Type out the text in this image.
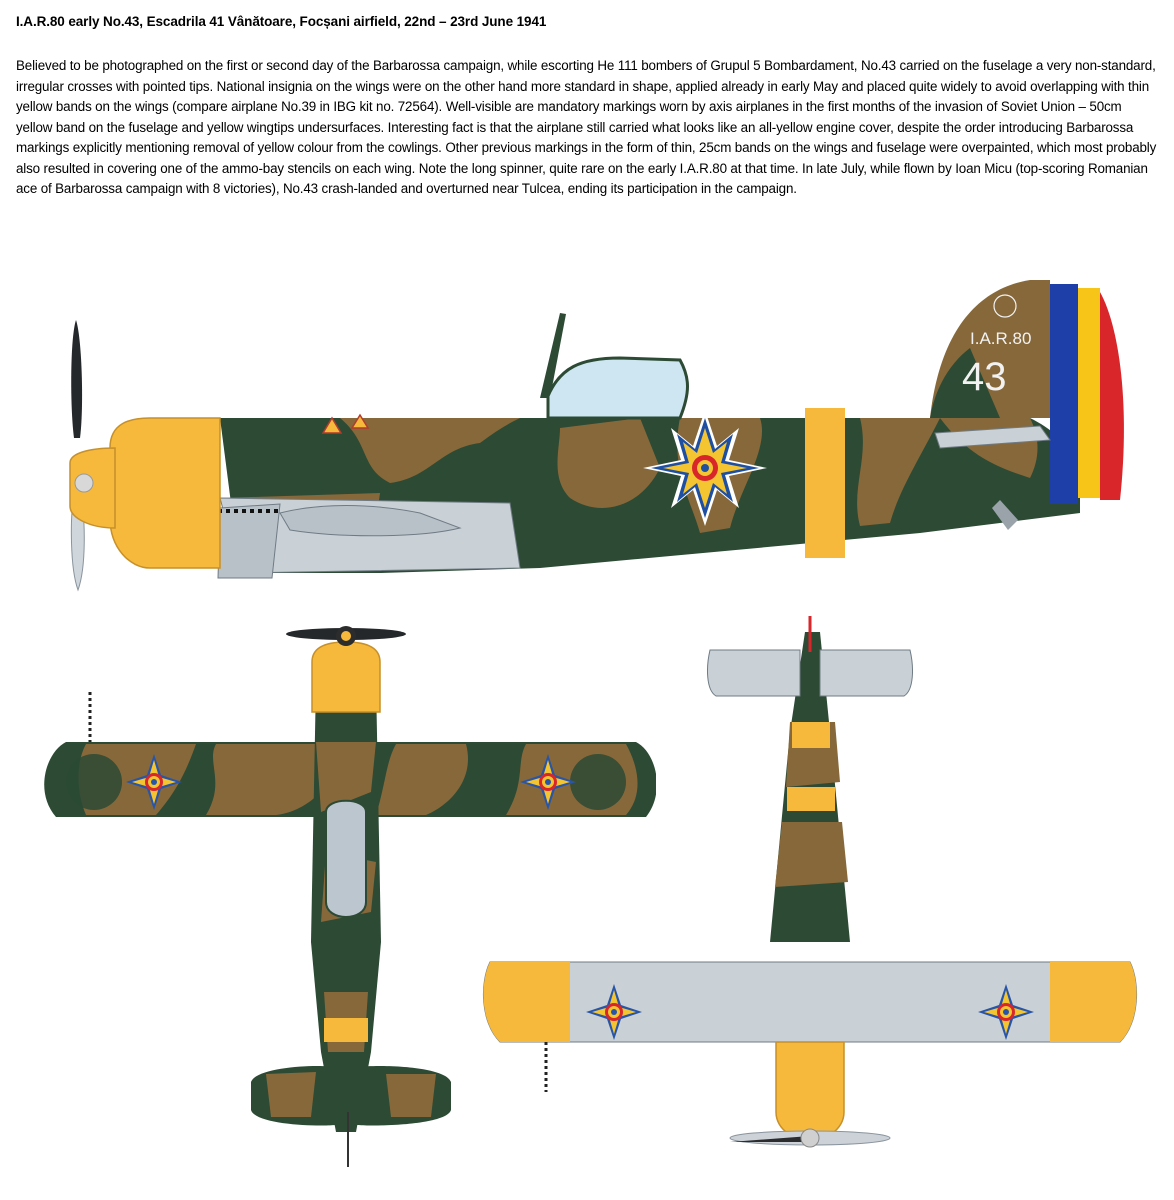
I.A.R.80 early No.43, Escadrila 41 Vânătoare, Focșani airfield, 22nd – 23rd June 1941
Believed to be photographed on the first or second day of the Barbarossa campaign, while escorting He 111 bombers of Grupul 5 Bombardament, No.43 carried on the fuselage a very non-standard, irregular crosses with pointed tips. National insignia on the wings were on the other hand more standard in shape, applied already in early May and placed quite widely to avoid overlapping with thin yellow bands on the wings (compare airplane No.39 in IBG kit no. 72564). Well-visible are mandatory markings worn by axis airplanes in the first months of the invasion of Soviet Union – 50cm yellow band on the fuselage and yellow wingtips undersurfaces. Interesting fact is that the airplane still carried what looks like an all-yellow engine cover, despite the order introducing Barbarossa markings explicitly mentioning removal of yellow colour from the cowlings. Other previous markings in the form of thin, 25cm bands on the wings and fuselage were overpainted, which most probably also resulted in covering one of the ammo-bay stencils on each wing. Note the long spinner, quite rare on the early I.A.R.80 at that time. In late July, while flown by Ioan Micu (top-scoring Romanian ace of Barbarossa campaign with 8 victories), No.43 crash-landed and overturned near Tulcea, ending its participation in the campaign.
I.A.R.80
43
